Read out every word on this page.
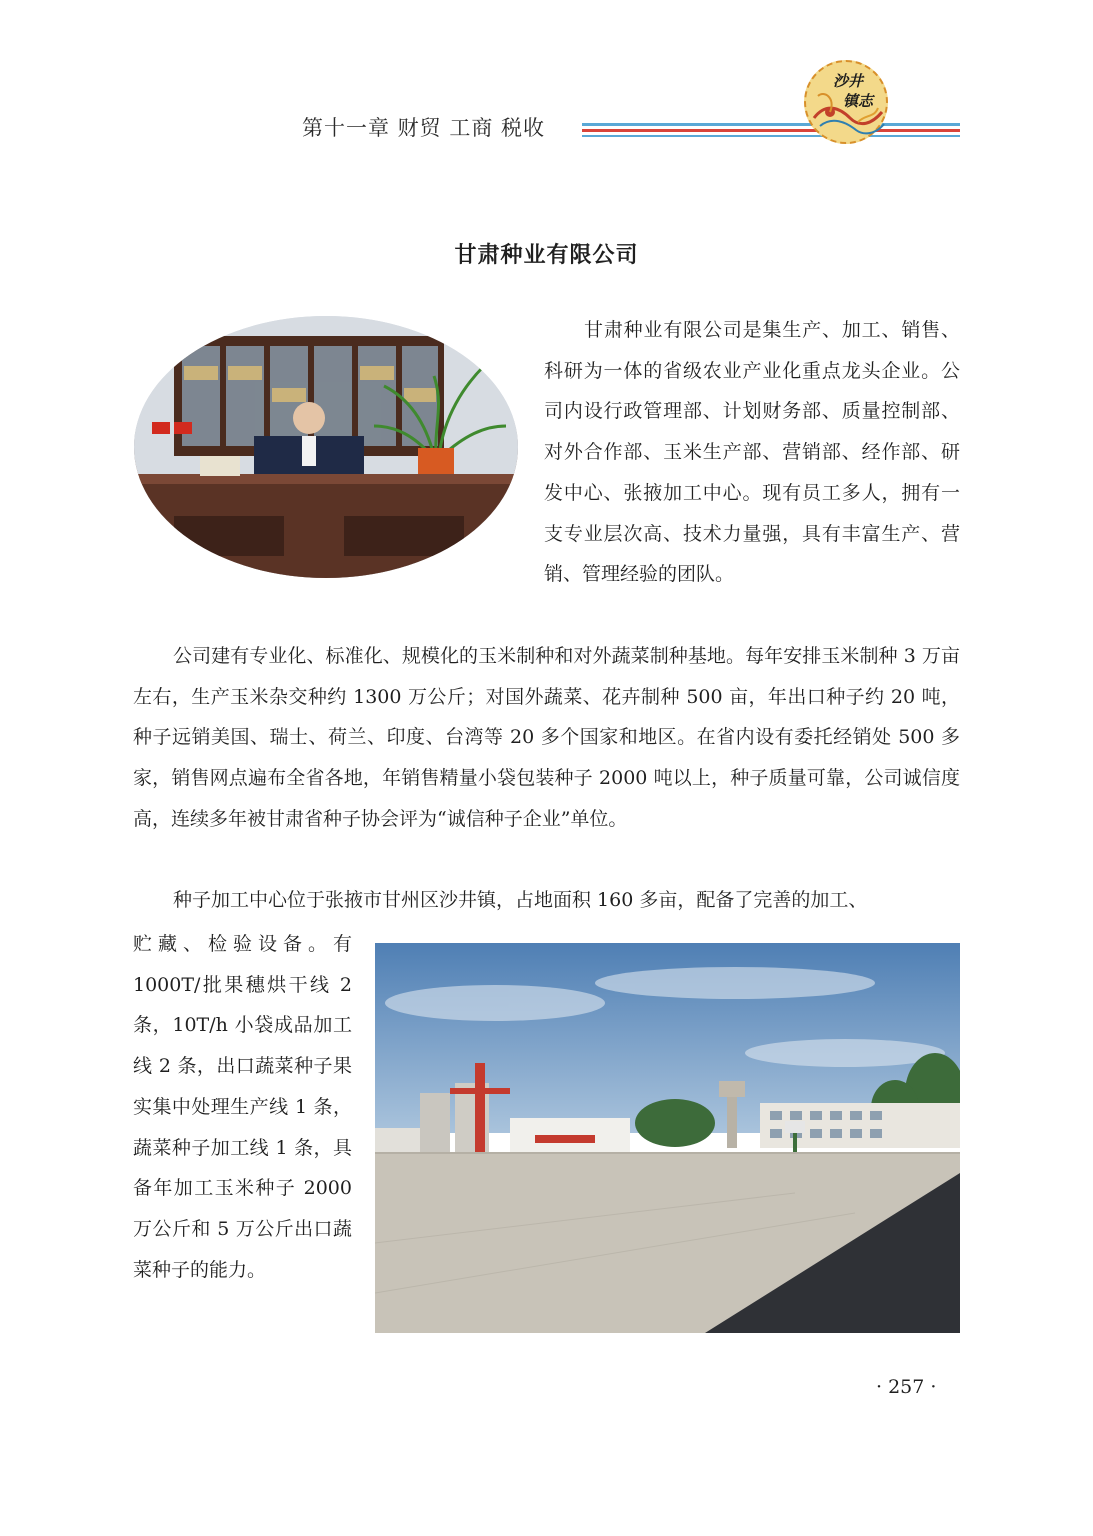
第十一章 财贸 工商 税收
沙井
镇志
甘肃种业有限公司

甘肃种业有限公司是集生产、加工、销售、科研为一体的省级农业产业化重点龙头企业。公司内设行政管理部、计划财务部、质量控制部、对外合作部、玉米生产部、营销部、经作部、研发中心、张掖加工中心。现有员工多人，拥有一支专业层次高、技术力量强，具有丰富生产、营销、管理经验的团队。

公司建有专业化、标准化、规模化的玉米制种和对外蔬菜制种基地。每年安排玉米制种 3 万亩左右，生产玉米杂交种约 1300 万公斤；对国外蔬菜、花卉制种 500 亩，年出口种子约 20 吨，种子远销美国、瑞士、荷兰、印度、台湾等 20 多个国家和地区。在省内设有委托经销处 500 多家，销售网点遍布全省各地，年销售精量小袋包装种子 2000 吨以上，种子质量可靠，公司诚信度高，连续多年被甘肃省种子协会评为“诚信种子企业”单位。

种子加工中心位于张掖市甘州区沙井镇，占地面积 160 多亩，配备了完善的加工、

贮藏、检验设备。有 1000T/批果穗烘干线 2 条，10T/h 小袋成品加工线 2 条，出口蔬菜种子果实集中处理生产线 1 条，蔬菜种子加工线 1 条，具备年加工玉米种子 2000 万公斤和 5 万公斤出口蔬菜种子的能力。

· 257 ·
